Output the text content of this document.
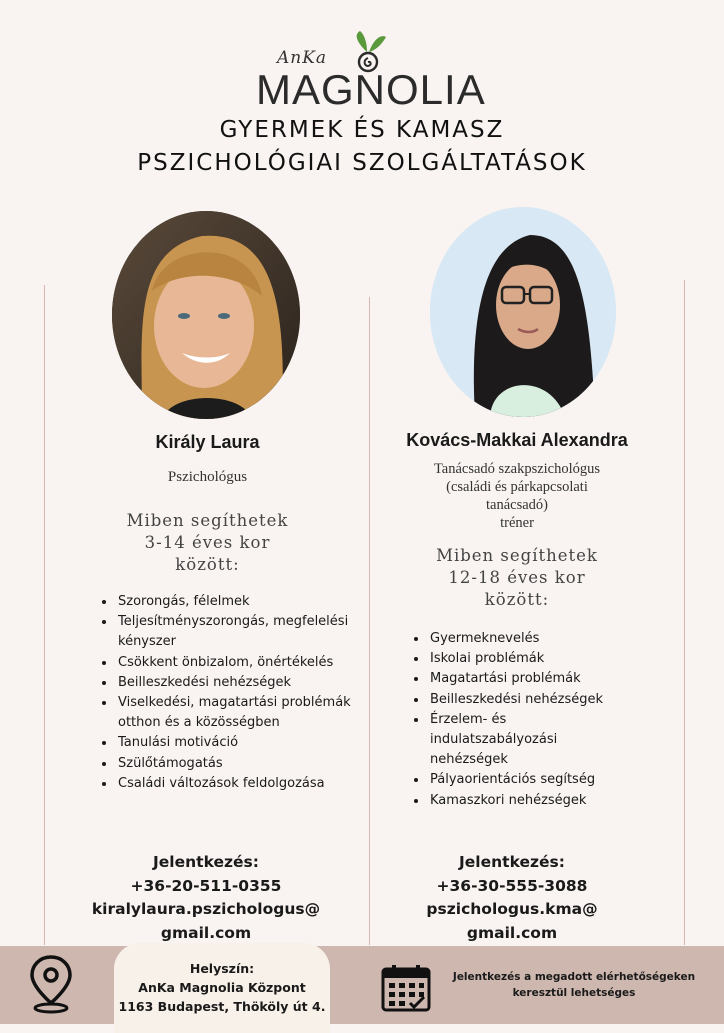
AnKa
MAGNOLIA
GYERMEK ÉS KAMASZ
PSZICHOLÓGIAI SZOLGÁLTATÁSOK
Király Laura
Pszichológus
Miben segíthetek
3-14 éves kor
között:
• Szorongás, félelmek
• Teljesítményszorongás, megfelelési kényszer
• Csökkent önbizalom, önértékelés
• Beilleszkedési nehézségek
• Viselkedési, magatartási problémák otthon és a közösségben
• Tanulási motiváció
• Szülőtámogatás
• Családi változások feldolgozása
Jelentkezés:
+36-20-511-0355
kiralylaura.pszichologus@
gmail.com
Kovács-Makkai Alexandra
Tanácsadó szakpszichológus
(családi és párkapcsolati
tanácsadó)
tréner
Miben segíthetek
12-18 éves kor
között:
• Gyermeknevelés
• Iskolai problémák
• Magatartási problémák
• Beilleszkedési nehézségek
• Érzelem- és indulatszabályozási nehézségek
• Pályaorientációs segítség
• Kamaszkori nehézségek
Jelentkezés:
+36-30-555-3088
pszichologus.kma@
gmail.com
Helyszín:
AnKa Magnolia Központ
1163 Budapest, Thököly út 4.
Jelentkezés a megadott elérhetőségeken
keresztül lehetséges
